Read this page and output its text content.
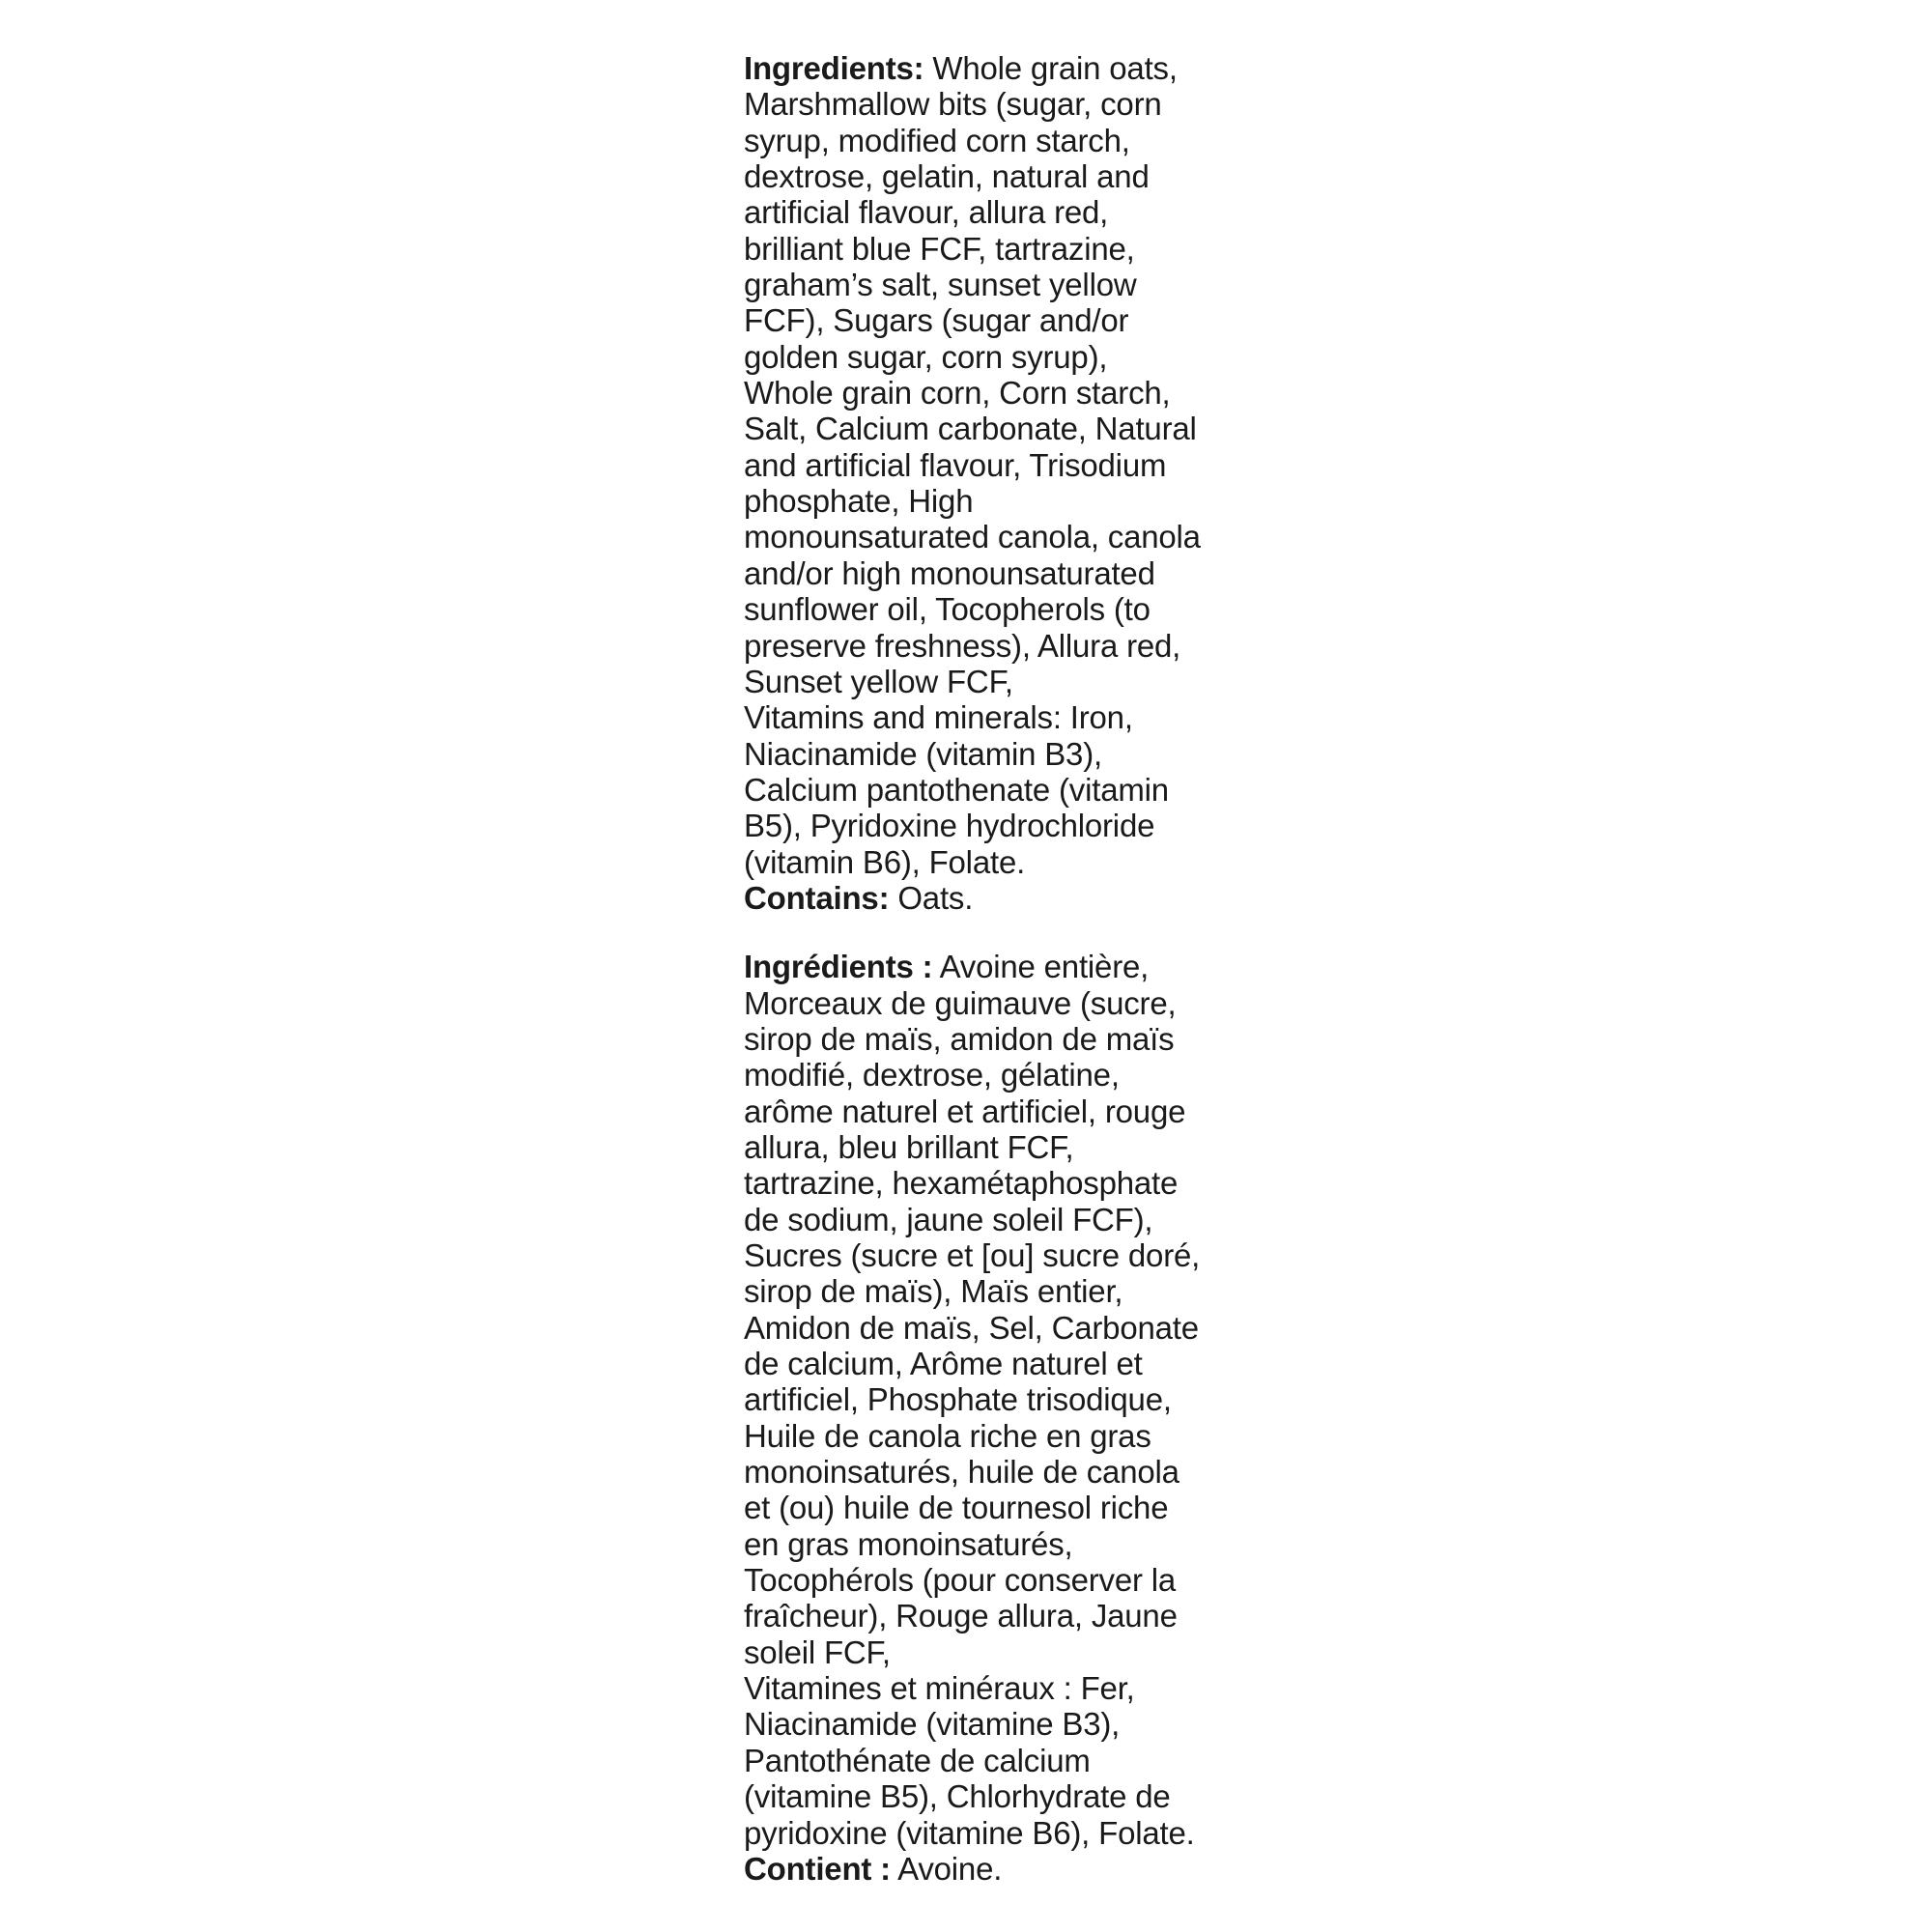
Ingredients: Whole grain oats,
Marshmallow bits (sugar, corn
syrup, modified corn starch,
dextrose, gelatin, natural and
artificial flavour, allura red,
brilliant blue FCF, tartrazine,
graham’s salt, sunset yellow
FCF), Sugars (sugar and/or
golden sugar, corn syrup),
Whole grain corn, Corn starch,
Salt, Calcium carbonate, Natural
and artificial flavour, Trisodium
phosphate, High
monounsaturated canola, canola
and/or high monounsaturated
sunflower oil, Tocopherols (to
preserve freshness), Allura red,
Sunset yellow FCF,
Vitamins and minerals: Iron,
Niacinamide (vitamin B3),
Calcium pantothenate (vitamin
B5), Pyridoxine hydrochloride
(vitamin B6), Folate.
Contains: Oats.
Ingrédients : Avoine entière,
Morceaux de guimauve (sucre,
sirop de maïs, amidon de maïs
modifié, dextrose, gélatine,
arôme naturel et artificiel, rouge
allura, bleu brillant FCF,
tartrazine, hexamétaphosphate
de sodium, jaune soleil FCF),
Sucres (sucre et [ou] sucre doré,
sirop de maïs), Maïs entier,
Amidon de maïs, Sel, Carbonate
de calcium, Arôme naturel et
artificiel, Phosphate trisodique,
Huile de canola riche en gras
monoinsaturés, huile de canola
et (ou) huile de tournesol riche
en gras monoinsaturés,
Tocophérols (pour conserver la
fraîcheur), Rouge allura, Jaune
soleil FCF,
Vitamines et minéraux : Fer,
Niacinamide (vitamine B3),
Pantothénate de calcium
(vitamine B5), Chlorhydrate de
pyridoxine (vitamine B6), Folate.
Contient : Avoine.
